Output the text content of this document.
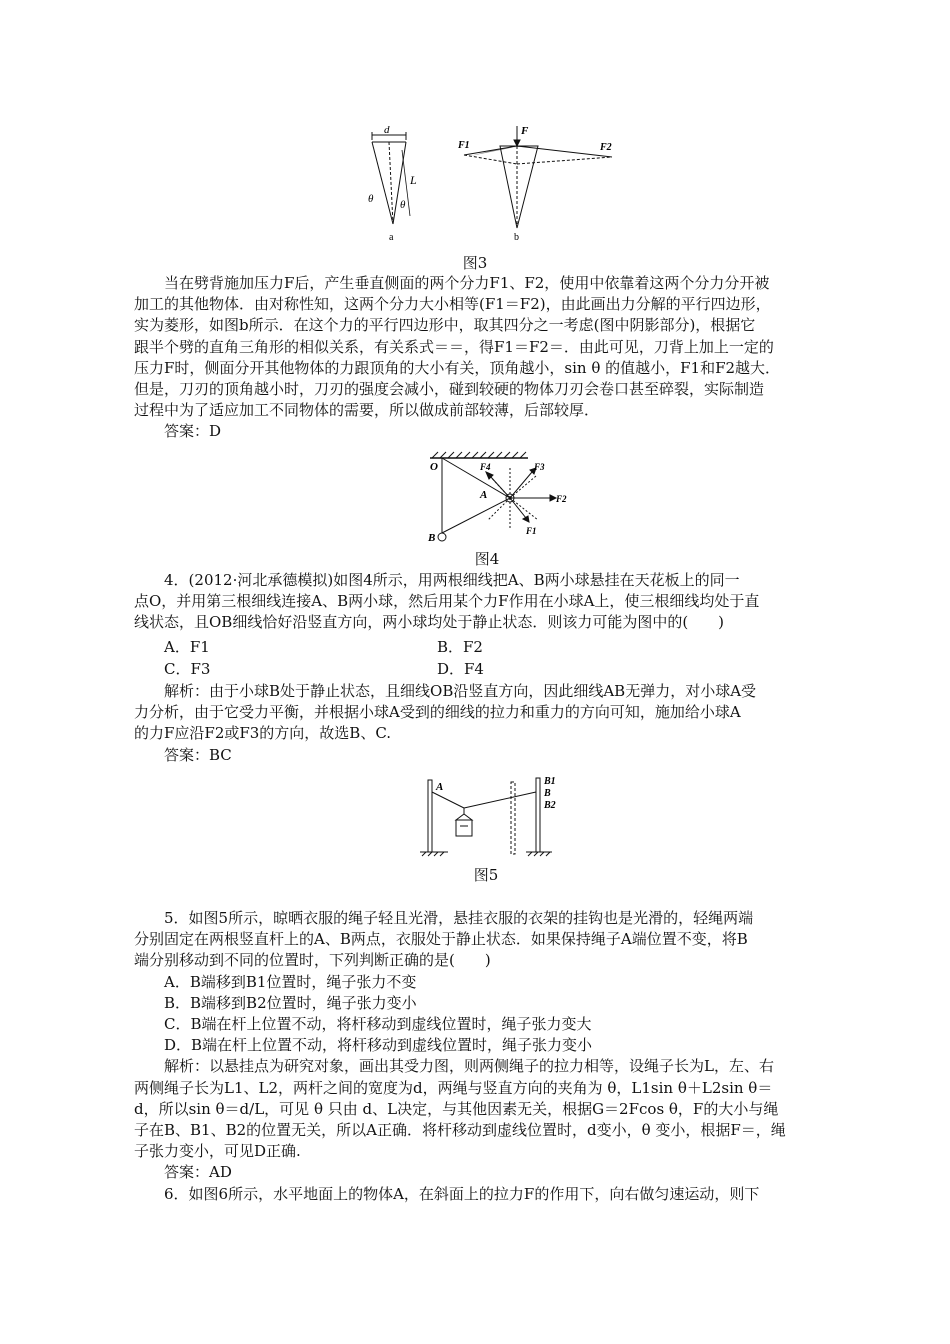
d
L
θ θ
a
F
F1	F2
b
图3

当在劈背施加压力F后，产生垂直侧面的两个分力F1、F2，使用中依靠着这两个分力分开被

加工的其他物体．由对称性知，这两个分力大小相等(F1＝F2)，由此画出力分解的平行四边形，

实为菱形，如图b所示．在这个力的平行四边形中，取其四分之一考虑(图中阴影部分)，根据它

跟半个劈的直角三角形的相似关系，有关系式＝＝，得F1＝F2＝．由此可见，刀背上加上一定的

压力F时，侧面分开其他物体的力跟顶角的大小有关，顶角越小，sin θ 的值越小，F1和F2越大．

但是，刀刃的顶角越小时，刀刃的强度会减小，碰到较硬的物体刀刃会卷口甚至碎裂，实际制造

过程中为了适应加工不同物体的需要，所以做成前部较薄，后部较厚．

答案：D

O
A
B
F4	F3
F2
F1
图4

4．(2012·河北承德模拟)如图4所示，用两根细线把A、B两小球悬挂在天花板上的同一

点O，并用第三根细线连接A、B两小球，然后用某个力F作用在小球A上，使三根细线均处于直

线状态，且OB细线恰好沿竖直方向，两小球均处于静止状态．则该力可能为图中的(　　)

A．F1	B．F2
C．F3	D．F4

解析：由于小球B处于静止状态，且细线OB沿竖直方向，因此细线AB无弹力，对小球A受

力分析，由于它受力平衡，并根据小球A受到的细线的拉力和重力的方向可知，施加给小球A

的力F应沿F2或F3的方向，故选B、C.

答案：BC

A	B1
B
B2
图5

5．如图5所示，晾晒衣服的绳子轻且光滑，悬挂衣服的衣架的挂钩也是光滑的，轻绳两端

分别固定在两根竖直杆上的A、B两点，衣服处于静止状态．如果保持绳子A端位置不变，将B

端分别移动到不同的位置时，下列判断正确的是(　　)

A．B端移到B1位置时，绳子张力不变

B．B端移到B2位置时，绳子张力变小

C．B端在杆上位置不动，将杆移动到虚线位置时，绳子张力变大

D．B端在杆上位置不动，将杆移动到虚线位置时，绳子张力变小

解析：以悬挂点为研究对象，画出其受力图，则两侧绳子的拉力相等，设绳子长为L，左、右

两侧绳子长为L1、L2，两杆之间的宽度为d，两绳与竖直方向的夹角为 θ，L1sin θ＋L2sin θ＝

d，所以sin θ＝d/L，可见 θ 只由 d、L决定，与其他因素无关，根据G＝2Fcos θ，F的大小与绳

子在B、B1、B2的位置无关，所以A正确．将杆移动到虚线位置时，d变小，θ 变小，根据F＝，绳

子张力变小，可见D正确.

答案：AD

6．如图6所示，水平地面上的物体A，在斜面上的拉力F的作用下，向右做匀速运动，则下
